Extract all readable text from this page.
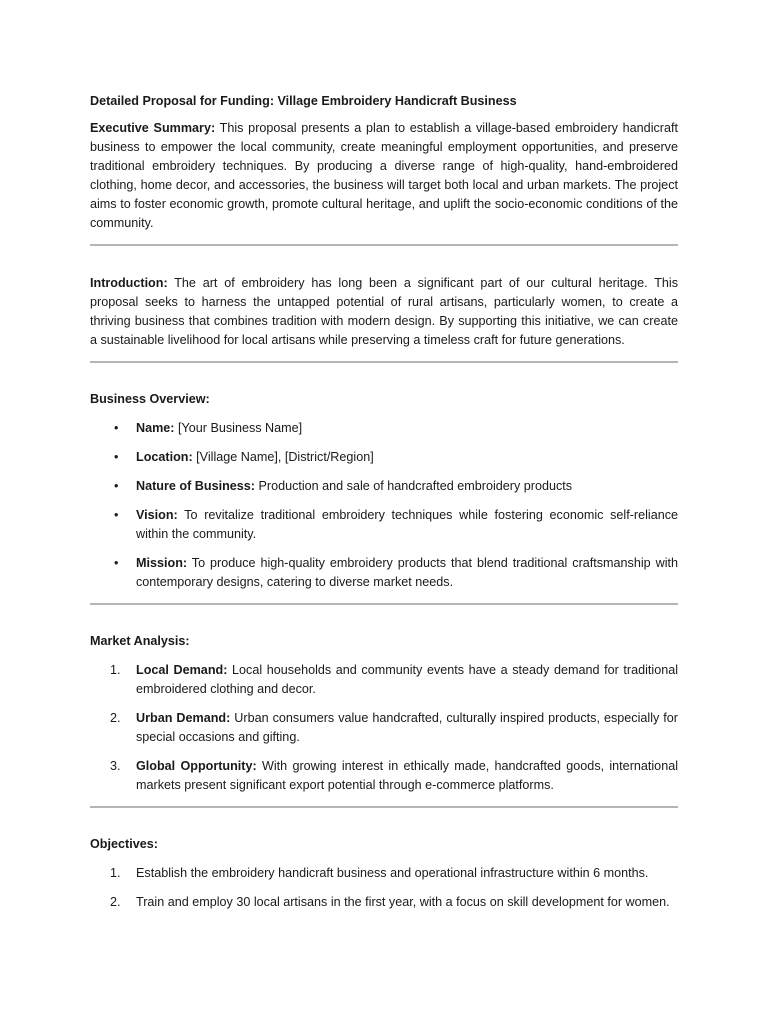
Detailed Proposal for Funding: Village Embroidery Handicraft Business

Executive Summary: This proposal presents a plan to establish a village-based embroidery handicraft business to empower the local community, create meaningful employment opportunities, and preserve traditional embroidery techniques. By producing a diverse range of high-quality, hand-embroidered clothing, home decor, and accessories, the business will target both local and urban markets. The project aims to foster economic growth, promote cultural heritage, and uplift the socio-economic conditions of the community.

Introduction: The art of embroidery has long been a significant part of our cultural heritage. This proposal seeks to harness the untapped potential of rural artisans, particularly women, to create a thriving business that combines tradition with modern design. By supporting this initiative, we can create a sustainable livelihood for local artisans while preserving a timeless craft for future generations.

Business Overview:
•	Name: [Your Business Name]
•	Location: [Village Name], [District/Region]
•	Nature of Business: Production and sale of handcrafted embroidery products
•	Vision: To revitalize traditional embroidery techniques while fostering economic self-reliance within the community.
•	Mission: To produce high-quality embroidery products that blend traditional craftsmanship with contemporary designs, catering to diverse market needs.
Market Analysis:
1.	Local Demand: Local households and community events have a steady demand for traditional embroidered clothing and decor.
2.	Urban Demand: Urban consumers value handcrafted, culturally inspired products, especially for special occasions and gifting.
3.	Global Opportunity: With growing interest in ethically made, handcrafted goods, international markets present significant export potential through e-commerce platforms.
Objectives:
1.	Establish the embroidery handicraft business and operational infrastructure within 6 months.
2.	Train and employ 30 local artisans in the first year, with a focus on skill development for women.
